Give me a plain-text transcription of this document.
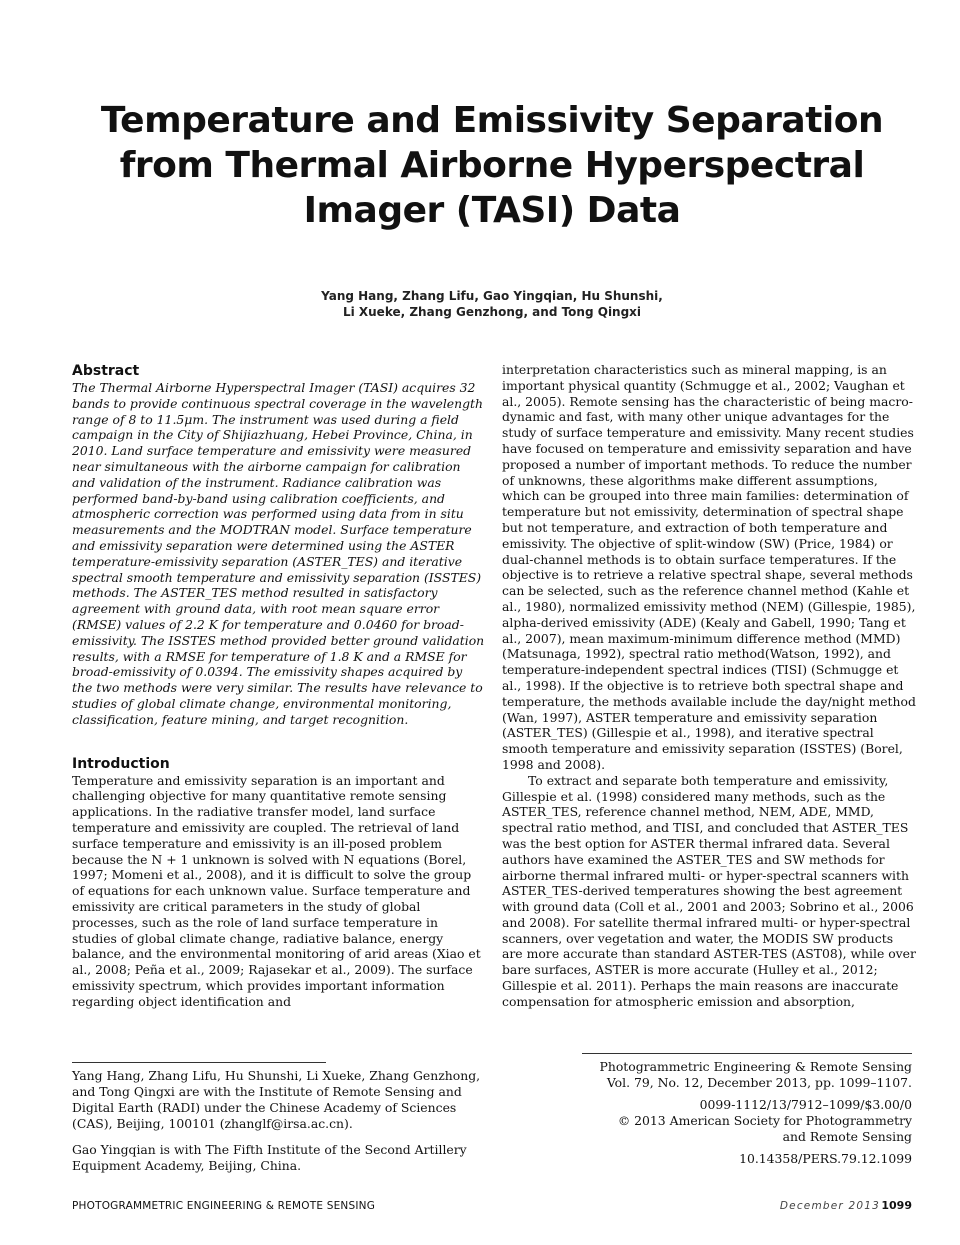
Temperature and Emissivity Separation from Thermal Airborne Hyperspectral Imager (TASI) Data
Yang Hang, Zhang Lifu, Gao Yingqian, Hu Shunshi,
Li Xueke, Zhang Genzhong, and Tong Qingxi
Abstract

The Thermal Airborne Hyperspectral Imager (TASI) acquires 32 bands to provide continuous spectral coverage in the wavelength range of 8 to 11.5μm. The instrument was used during a field campaign in the City of Shijiazhuang, Hebei Province, China, in 2010. Land surface temperature and emissivity were measured near simultaneous with the airborne campaign for calibration and validation of the instrument. Radiance calibration was performed band-by-band using calibration coefficients, and atmospheric correction was performed using data from in situ measurements and the MODTRAN model. Surface temperature and emissivity separation were determined using the ASTER temperature-emissivity separation (ASTER_TES) and iterative spectral smooth temperature and emissivity separation (ISSTES) methods. The ASTER_TES method resulted in satisfactory agreement with ground data, with root mean square error (RMSE) values of 2.2 K for temperature and 0.0460 for broad-emissivity. The ISSTES method provided better ground validation results, with a RMSE for temperature of 1.8 K and a RMSE for broad-emissivity of 0.0394. The emissivity shapes acquired by the two methods were very similar. The results have relevance to studies of global climate change, environmental monitoring, classification, feature mining, and target recognition.

Introduction

Temperature and emissivity separation is an important and challenging objective for many quantitative remote sensing applications. In the radiative transfer model, land surface temperature and emissivity are coupled. The retrieval of land surface temperature and emissivity is an ill-posed problem because the N + 1 unknown is solved with N equations (Borel, 1997; Momeni et al., 2008), and it is difficult to solve the group of equations for each unknown value. Surface temperature and emissivity are critical parameters in the study of global processes, such as the role of land surface temperature in studies of global climate change, radiative balance, energy balance, and the environmental monitoring of arid areas (Xiao et al., 2008; Peña et al., 2009; Rajasekar et al., 2009). The surface emissivity spectrum, which provides important information regarding object identification and

interpretation characteristics such as mineral mapping, is an important physical quantity (Schmugge et al., 2002; Vaughan et al., 2005). Remote sensing has the characteristic of being macro-dynamic and fast, with many other unique advantages for the study of surface temperature and emissivity. Many recent studies have focused on temperature and emissivity separation and have proposed a number of important methods. To reduce the number of unknowns, these algorithms make different assumptions, which can be grouped into three main families: determination of temperature but not emissivity, determination of spectral shape but not temperature, and extraction of both temperature and emissivity. The objective of split-window (SW) (Price, 1984) or dual-channel methods is to obtain surface temperatures. If the objective is to retrieve a relative spectral shape, several methods can be selected, such as the reference channel method (Kahle et al., 1980), normalized emissivity method (NEM) (Gillespie, 1985), alpha-derived emissivity (ADE) (Kealy and Gabell, 1990; Tang et al., 2007), mean maximum-minimum difference method (MMD) (Matsunaga, 1992), spectral ratio method(Watson, 1992), and temperature-independent spectral indices (TISI) (Schmugge et al., 1998). If the objective is to retrieve both spectral shape and temperature, the methods available include the day/night method (Wan, 1997), ASTER temperature and emissivity separation (ASTER_TES) (Gillespie et al., 1998), and iterative spectral smooth temperature and emissivity separation (ISSTES) (Borel, 1998 and 2008).

To extract and separate both temperature and emissivity, Gillespie et al. (1998) considered many methods, such as the ASTER_TES, reference channel method, NEM, ADE, MMD, spectral ratio method, and TISI, and concluded that ASTER_TES was the best option for ASTER thermal infrared data. Several authors have examined the ASTER_TES and SW methods for airborne thermal infrared multi- or hyper-spectral scanners with ASTER_TES-derived temperatures showing the best agreement with ground data (Coll et al., 2001 and 2003; Sobrino et al., 2006 and 2008). For satellite thermal infrared multi- or hyper-spectral scanners, over vegetation and water, the MODIS SW products are more accurate than standard ASTER-TES (AST08), while over bare surfaces, ASTER is more accurate (Hulley et al., 2012; Gillespie et al. 2011). Perhaps the main reasons are inaccurate compensation for atmospheric emission and absorption,

Yang Hang, Zhang Lifu, Hu Shunshi, Li Xueke, Zhang Genzhong, and Tong Qingxi are with the Institute of Remote Sensing and Digital Earth (RADI) under the Chinese Academy of Sciences (CAS), Beijing, 100101 (zhanglf@irsa.ac.cn).

Gao Yingqian is with The Fifth Institute of the Second Artillery Equipment Academy, Beijing, China.

Photogrammetric Engineering & Remote Sensing
Vol. 79, No. 12, December 2013, pp. 1099–1107.

0099-1112/13/7912–1099/$3.00/0
© 2013 American Society for Photogrammetry
and Remote Sensing

10.14358/PERS.79.12.1099

PHOTOGRAMMETRIC ENGINEERING & REMOTE SENSING	December 2013 1099
